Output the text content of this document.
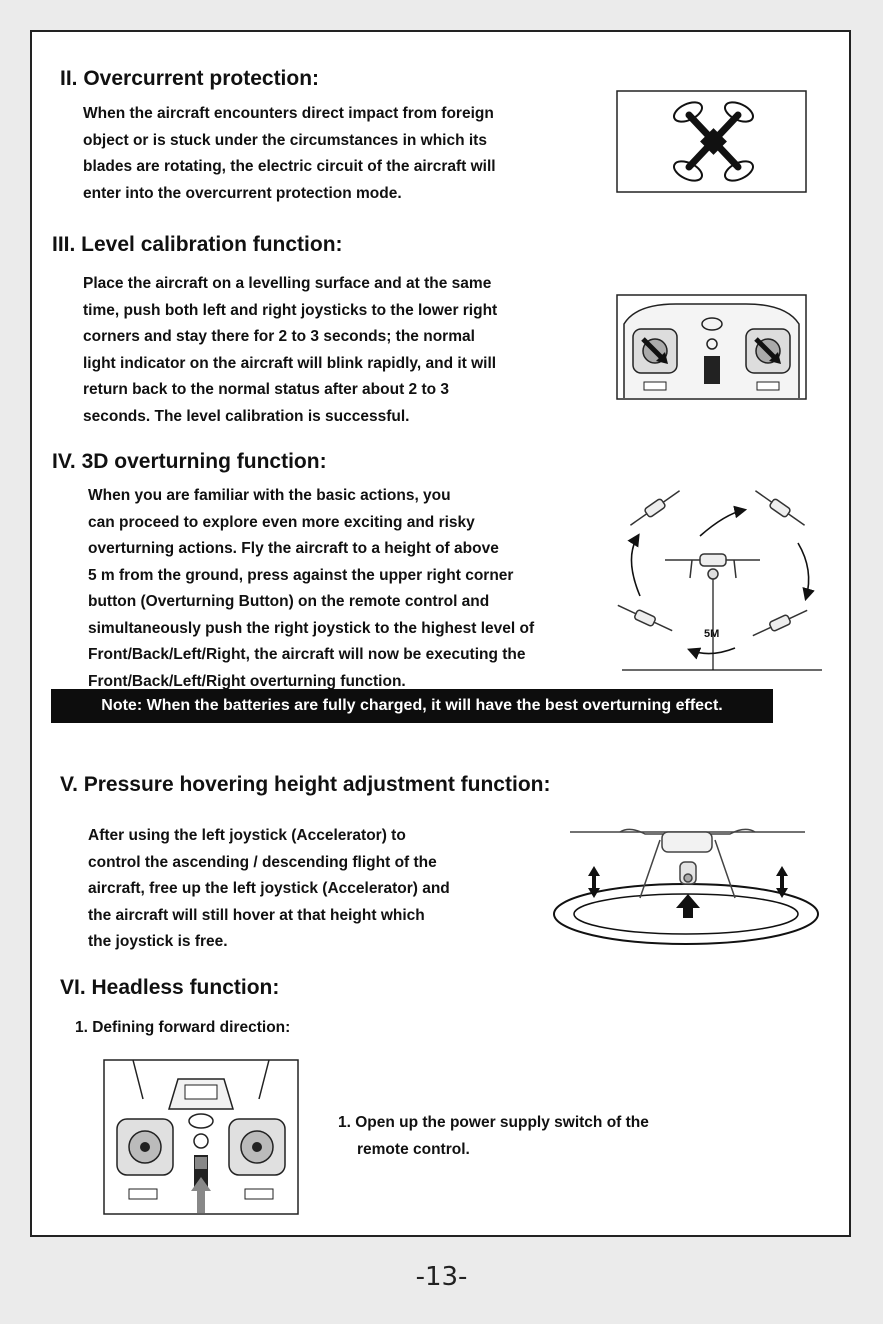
II. Overcurrent protection:
When the aircraft encounters direct impact from foreign
object or is stuck under the circumstances in which its
blades are rotating, the electric circuit of the aircraft will
enter into the overcurrent protection mode.
III. Level calibration function:
Place the aircraft on a levelling surface and at the same
time, push both left and right joysticks to the lower right
corners and stay there for 2 to 3 seconds; the normal
light indicator on the aircraft will blink rapidly, and it will
return back to the normal status after about 2 to 3
seconds. The level calibration is successful.
IV. 3D overturning function:
When you are familiar with the basic actions, you
can proceed to explore even more exciting and risky
overturning actions. Fly the aircraft to a height of above
5 m from the ground, press against the upper right corner
button (Overturning Button) on the remote control and
simultaneously push the right joystick to the highest level of
Front/Back/Left/Right, the aircraft will now be executing the
Front/Back/Left/Right overturning function.
5M
Note: When the batteries are fully charged, it will have the best overturning effect.
V. Pressure hovering height adjustment function:
After using the left joystick (Accelerator) to
control the ascending / descending flight of the
aircraft, free up the left joystick (Accelerator) and
the aircraft will still hover at that height which
the joystick is free.
VI. Headless function:
1. Defining forward direction:
1. Open up the power supply switch of the
remote control.
-13-
